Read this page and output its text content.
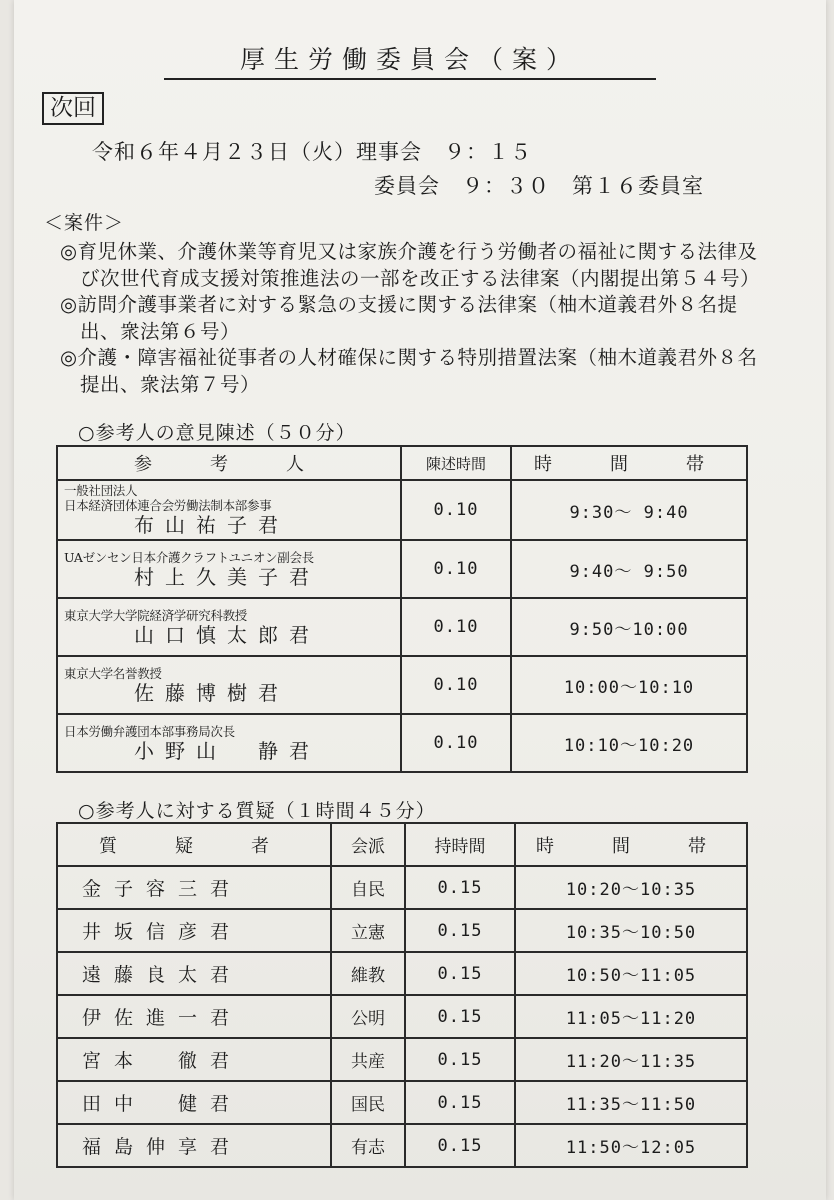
厚生労働委員会（案）
次回
令和６年４月２３日（火）理事会　９：１５
委員会　９：３０　第１６委員室
＜案件＞

◎育児休業、介護休業等育児又は家族介護を行う労働者の福祉に関する法律及び次世代育成支援対策推進法の一部を改正する法律案（内閣提出第５４号）

◎訪問介護事業者に対する緊急の支援に関する法律案（柚木道義君外８名提出、衆法第６号）

◎介護・障害福祉従事者の人材確保に関する特別措置法案（柚木道義君外８名提出、衆法第７号）

○参考人の意見陳述（５０分）
参　考　人	陳述時間	時　間　帯

一般社団法人
日本経済団体連合会労働法制本部参事
布山祐子君	0.10	9:30～ 9:40

UAゼンセン日本介護クラフトユニオン副会長
村上久美子君	0.10	9:40～ 9:50

東京大学大学院経済学研究科教授
山口慎太郎君	0.10	9:50～10:00

東京大学名誉教授
佐藤博樹君	0.10	10:00～10:10

日本労働弁護団本部事務局次長
小野山　静君	0.10	10:10～10:20
○参考人に対する質疑（１時間４５分）
質　疑　者	会派	持時間	時　間　帯
金子容三君	自民	0.15	10:20～10:35
井坂信彦君	立憲	0.15	10:35～10:50
遠藤良太君	維教	0.15	10:50～11:05
伊佐進一君	公明	0.15	11:05～11:20
宮本　徹君	共産	0.15	11:20～11:35
田中　健君	国民	0.15	11:35～11:50
福島伸享君	有志	0.15	11:50～12:05
